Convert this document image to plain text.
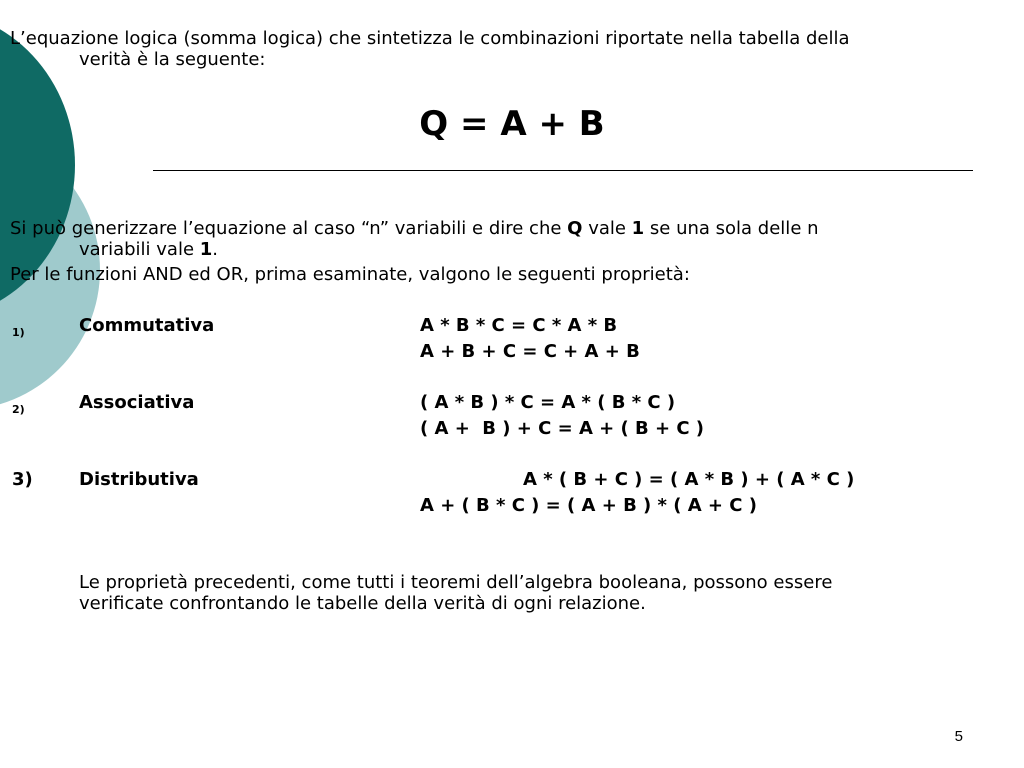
L’equazione logica (somma logica) che sintetizza le combinazioni riportate nella tabella della
verità è la seguente:
Q = A + B
Si può generizzare l’equazione al caso “n” variabili e dire che Q vale 1 se una sola delle n
variabili vale 1.
Per le funzioni AND ed OR, prima esaminate, valgono le seguenti proprietà:
1)	Commutativa	A * B * C = C * A * B
A + B + C = C + A + B
2)	Associativa	( A * B ) * C = A * ( B * C )
( A +  B ) + C = A + ( B + C )
3)	Distributiva	A * ( B + C ) = ( A * B ) + ( A * C )
A + ( B * C ) = ( A + B ) * ( A + C )
Le proprietà precedenti, come tutti i teoremi dell’algebra booleana, possono essere
verificate confrontando le tabelle della verità di ogni relazione.
5
